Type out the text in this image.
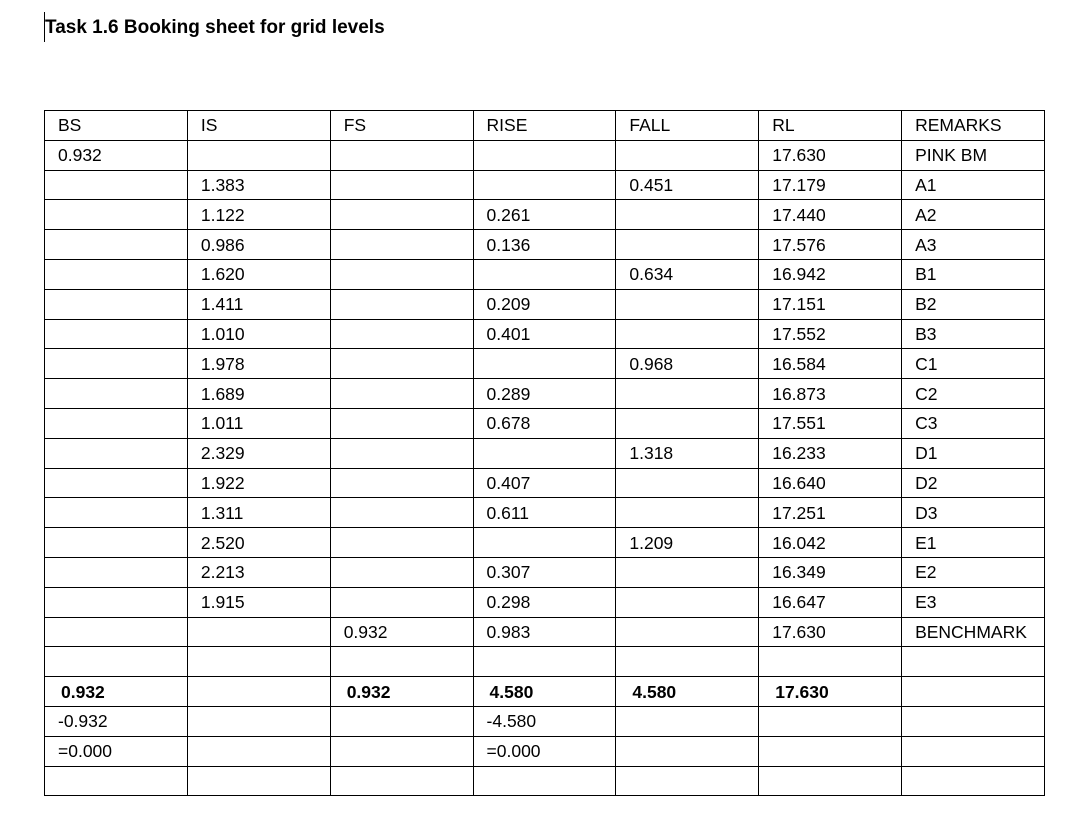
Task 1.6 Booking sheet for grid levels
BS	IS	FS	RISE	FALL	RL	REMARKS
0.932					17.630	PINK BM
	1.383			0.451	17.179	A1
	1.122		0.261		17.440	A2
	0.986		0.136		17.576	A3
	1.620			0.634	16.942	B1
	1.411		0.209		17.151	B2
	1.010		0.401		17.552	B3
	1.978			0.968	16.584	C1
	1.689		0.289		16.873	C2
	1.011		0.678		17.551	C3
	2.329			1.318	16.233	D1
	1.922		0.407		16.640	D2
	1.311		0.611		17.251	D3
	2.520			1.209	16.042	E1
	2.213		0.307		16.349	E2
	1.915		0.298		16.647	E3
		0.932	0.983		17.630	BENCHMARK

0.932		0.932	4.580	4.580	17.630	
-0.932			-4.580			
=0.000			=0.000			
